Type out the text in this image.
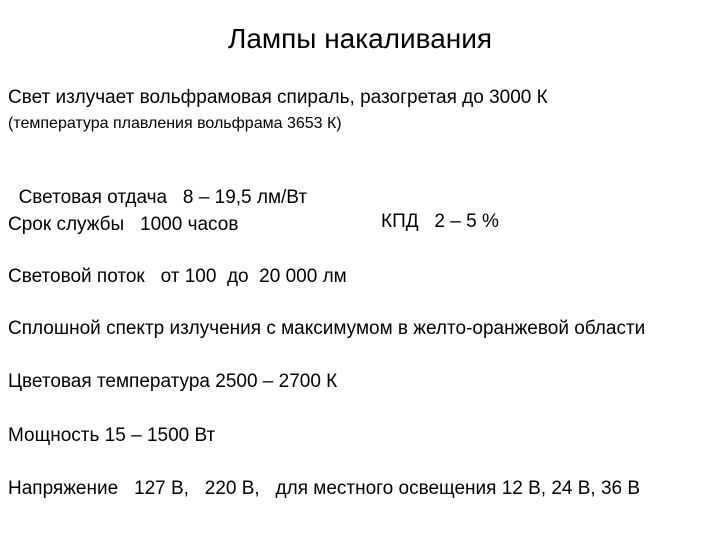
Лампы накаливания
Свет излучает вольфрамовая спираль, разогретая до 3000 К
(температура плавления вольфрама 3653 К)

Световая отдача   8 – 19,5 лм/Вт

КПД   2 – 5 %

Срок службы   1000 часов
Световой поток   от 100  до  20 000 лм
Сплошной спектр излучения с максимумом в желто-оранжевой области
Цветовая температура 2500 – 2700 К
Мощность 15 – 1500 Вт
Напряжение   127 В,   220 В,   для местного освещения 12 В, 24 В, 36 В
